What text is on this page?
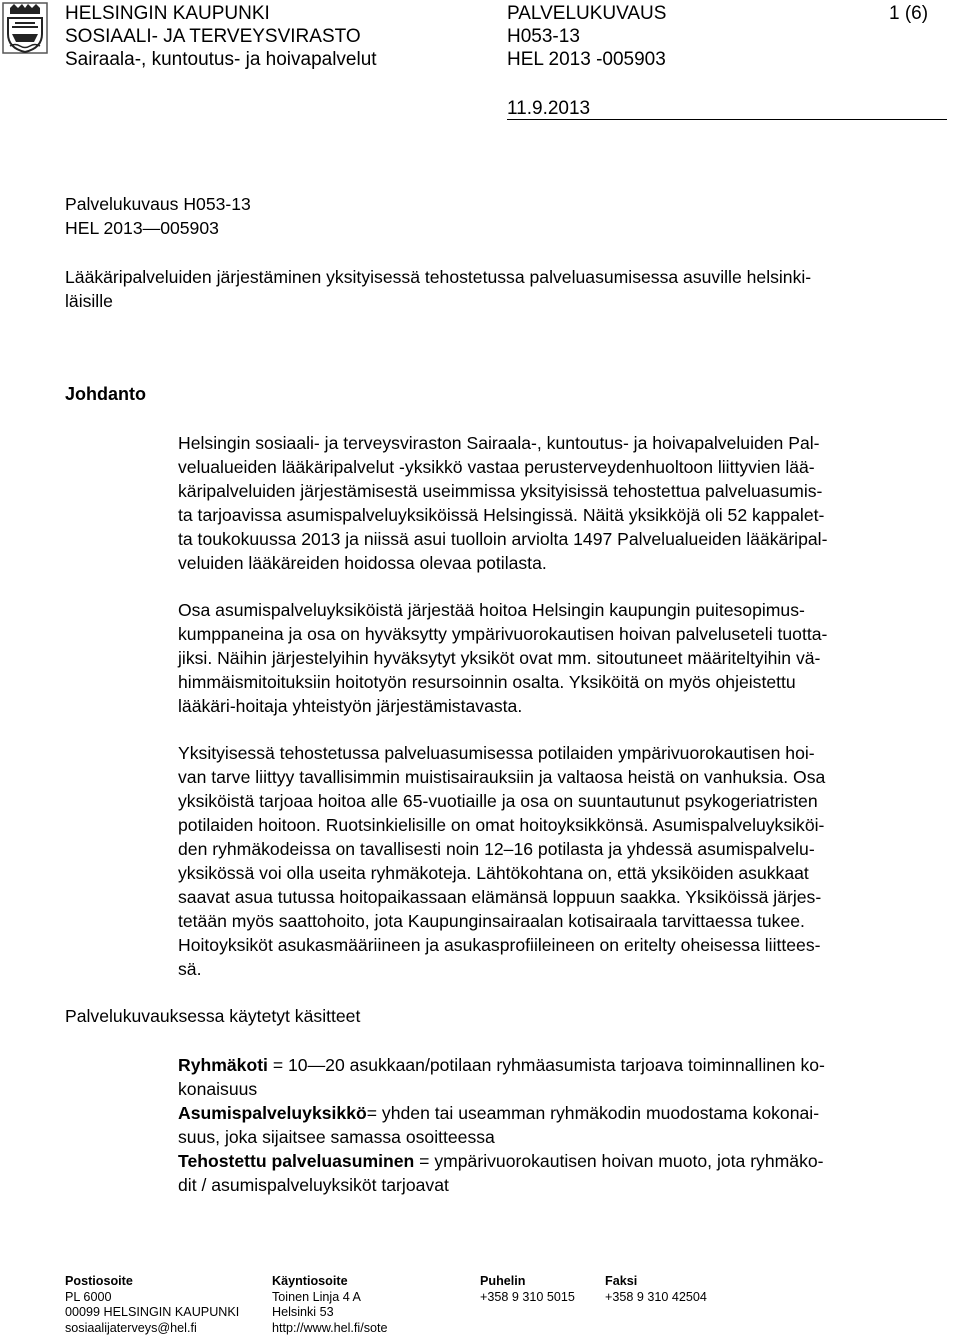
HELSINGIN KAUPUNKI
SOSIAALI- JA TERVEYSVIRASTO
Sairaala-, kuntoutus- ja hoivapalvelut
PALVELUKUVAUS
H053-13
HEL 2013 -005903
1 (6)
11.9.2013
Palvelukuvaus H053-13
HEL 2013—005903
Lääkäripalveluiden järjestäminen yksityisessä tehostetussa palveluasumisessa asuville helsinki-
läisille
Johdanto
Helsingin sosiaali- ja terveysviraston Sairaala-, kuntoutus- ja hoivapalveluiden Pal-
velualueiden lääkäripalvelut -yksikkö vastaa perusterveydenhuoltoon liittyvien lää-
käripalveluiden järjestämisestä useimmissa yksityisissä tehostettua palveluasumis-
ta tarjoavissa asumispalveluyksiköissä Helsingissä. Näitä yksikköjä oli 52 kappalet-
ta toukokuussa 2013 ja niissä asui tuolloin arviolta 1497 Palvelualueiden lääkäripal-
veluiden lääkäreiden hoidossa olevaa potilasta.
Osa asumispalveluyksiköistä järjestää hoitoa Helsingin kaupungin puitesopimus-
kumppaneina ja osa on hyväksytty ympärivuorokautisen hoivan palveluseteli tuotta-
jiksi. Näihin järjestelyihin hyväksytyt yksiköt ovat mm. sitoutuneet määriteltyihin vä-
himmäismitoituksiin hoitotyön resursoinnin osalta. Yksiköitä on myös ohjeistettu
lääkäri-hoitaja yhteistyön järjestämistavasta.
Yksityisessä tehostetussa palveluasumisessa potilaiden ympärivuorokautisen hoi-
van tarve liittyy tavallisimmin muistisairauksiin ja valtaosa heistä on vanhuksia. Osa
yksiköistä tarjoaa hoitoa alle 65-vuotiaille ja osa on suuntautunut psykogeriatristen
potilaiden hoitoon. Ruotsinkielisille on omat hoitoyksikkönsä. Asumispalveluyksiköi-
den ryhmäkodeissa on tavallisesti noin 12–16 potilasta ja yhdessä asumispalvelu-
yksikössä voi olla useita ryhmäkoteja. Lähtökohtana on, että yksiköiden asukkaat
saavat asua tutussa hoitopaikassaan elämänsä loppuun saakka. Yksiköissä järjes-
tetään myös saattohoito, jota Kaupunginsairaalan kotisairaala tarvittaessa tukee.
Hoitoyksiköt asukasmääriineen ja asukasprofiileineen on eritelty oheisessa liittees-
sä.
Palvelukuvauksessa käytetyt käsitteet
Ryhmäkoti = 10—20 asukkaan/potilaan ryhmäasumista tarjoava toiminnallinen ko-
konaisuus
Asumispalveluyksikkö= yhden tai useamman ryhmäkodin muodostama kokonai-
suus, joka sijaitsee samassa osoitteessa
Tehostettu palveluasuminen = ympärivuorokautisen hoivan muoto, jota ryhmäko-
dit / asumispalveluyksiköt tarjoavat
Postiosoite
PL 6000
00099 HELSINGIN KAUPUNKI
sosiaalijaterveys@hel.fi
Käyntiosoite
Toinen Linja 4 A
Helsinki 53
http://www.hel.fi/sote
Puhelin
+358 9 310 5015
Faksi
+358 9 310 42504
